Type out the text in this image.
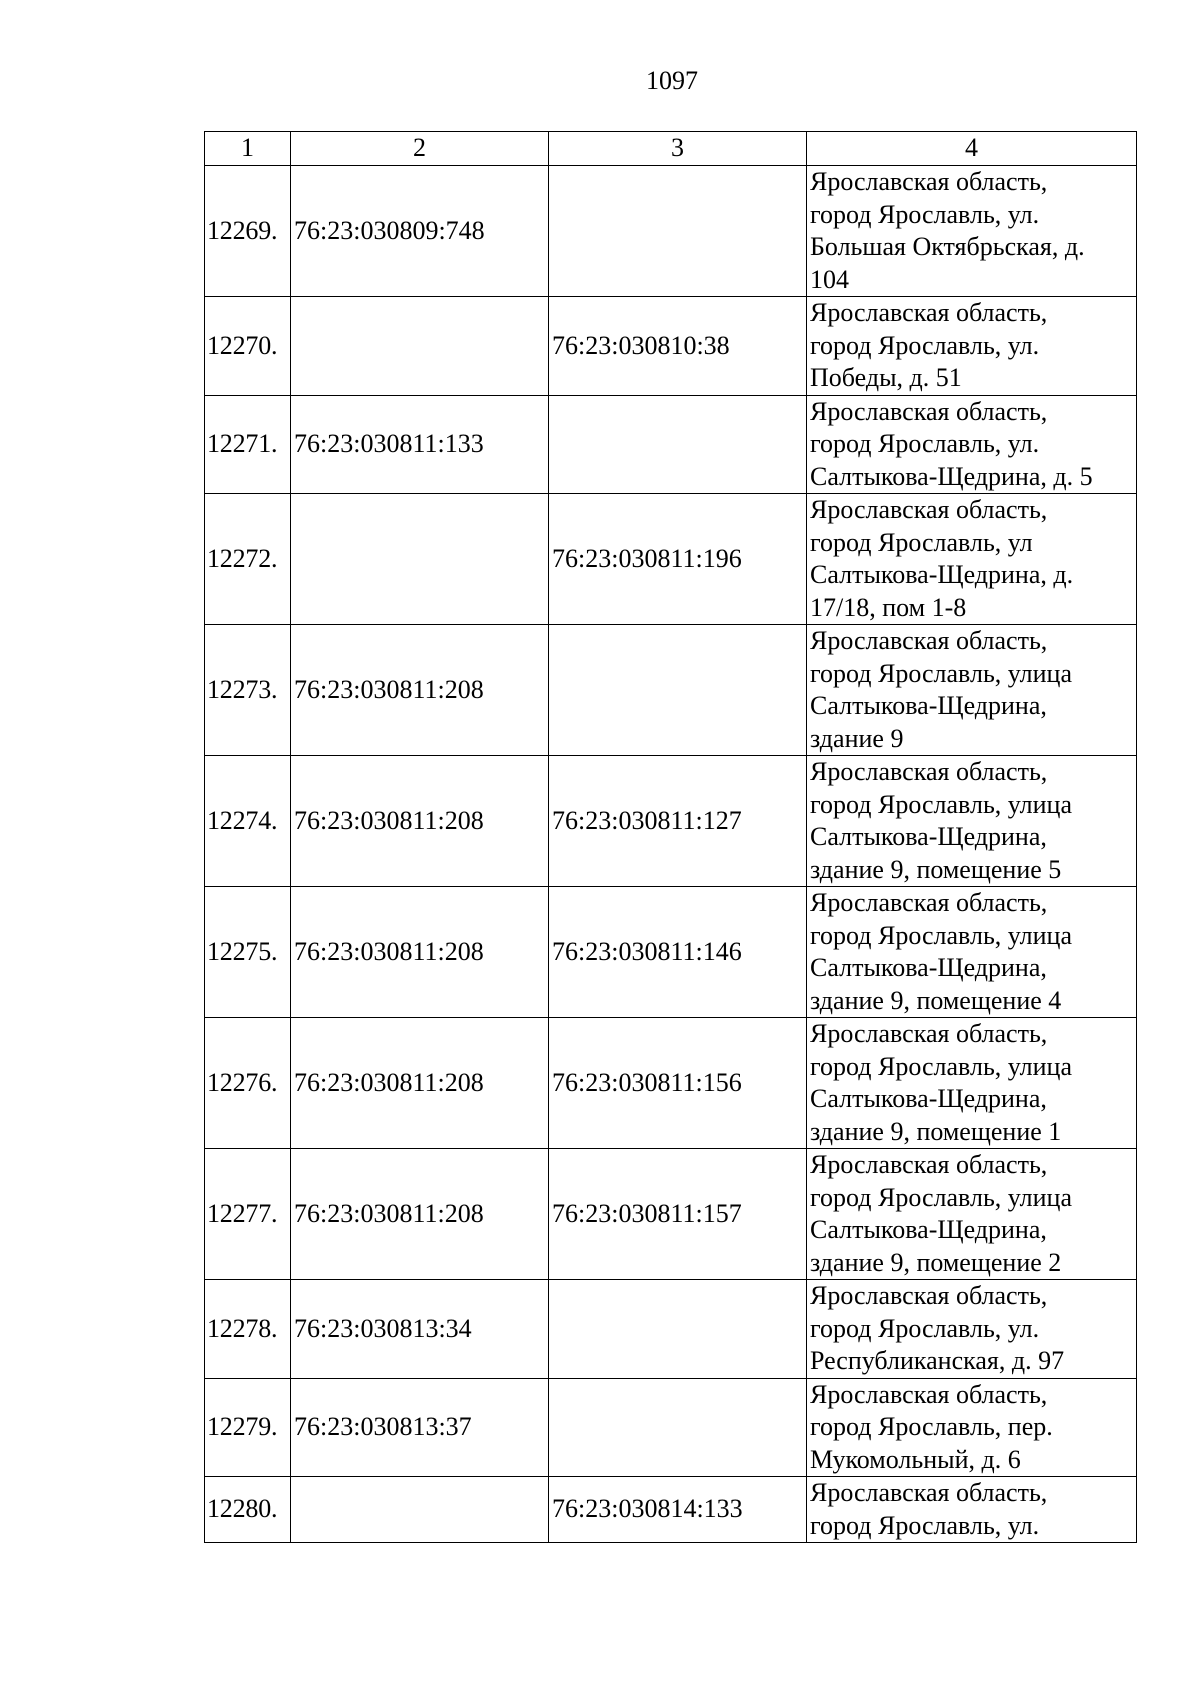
1097
1	2	3	4
12269.	76:23:030809:748		Ярославская область,
город Ярославль, ул.
Большая Октябрьская, д.
104

12270.		76:23:030810:38	Ярославская область,
город Ярославль, ул.
Победы, д. 51

12271.	76:23:030811:133		Ярославская область,
город Ярославль, ул.
Салтыкова-Щедрина, д. 5

12272.		76:23:030811:196	Ярославская область,
город Ярославль, ул
Салтыкова-Щедрина, д.
17/18, пом 1-8

12273.	76:23:030811:208		Ярославская область,
город Ярославль, улица
Салтыкова-Щедрина,
здание 9

12274.	76:23:030811:208	76:23:030811:127	Ярославская область,
город Ярославль, улица
Салтыкова-Щедрина,
здание 9, помещение 5

12275.	76:23:030811:208	76:23:030811:146	Ярославская область,
город Ярославль, улица
Салтыкова-Щедрина,
здание 9, помещение 4

12276.	76:23:030811:208	76:23:030811:156	Ярославская область,
город Ярославль, улица
Салтыкова-Щедрина,
здание 9, помещение 1

12277.	76:23:030811:208	76:23:030811:157	Ярославская область,
город Ярославль, улица
Салтыкова-Щедрина,
здание 9, помещение 2

12278.	76:23:030813:34		Ярославская область,
город Ярославль, ул.
Республиканская, д. 97

12279.	76:23:030813:37		Ярославская область,
город Ярославль, пер.
Мукомольный, д. 6

12280.		76:23:030814:133	Ярославская область,
город Ярославль, ул.
